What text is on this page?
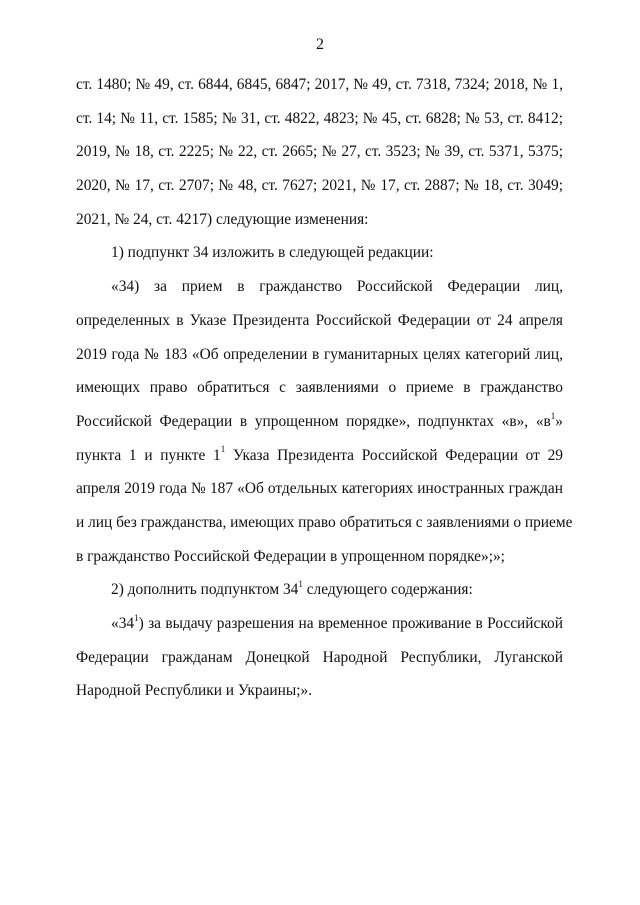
2
ст. 1480; № 49, ст. 6844, 6845, 6847; 2017, № 49, ст. 7318, 7324; 2018, № 1,
ст. 14; № 11, ст. 1585; № 31, ст. 4822, 4823; № 45, ст. 6828; № 53, ст. 8412;
2019, № 18, ст. 2225; № 22, ст. 2665; № 27, ст. 3523; № 39, ст. 5371, 5375;
2020, № 17, ст. 2707; № 48, ст. 7627; 2021, № 17, ст. 2887; № 18, ст. 3049;
2021, № 24, ст. 4217) следующие изменения:
1) подпункт 34 изложить в следующей редакции:
«34) за прием в гражданство Российской Федерации лиц,
определенных в Указе Президента Российской Федерации от 24 апреля
2019 года № 183 «Об определении в гуманитарных целях категорий лиц,
имеющих право обратиться с заявлениями о приеме в гражданство
Российской Федерации в упрощенном порядке», подпунктах «в», «$в^1$»
пункта 1 и пункте $1^1$ Указа Президента Российской Федерации от 29
апреля 2019 года № 187 «Об отдельных категориях иностранных граждан
и лиц без гражданства, имеющих право обратиться с заявлениями о приеме
в гражданство Российской Федерации в упрощенном порядке»;»;
2) дополнить подпунктом $34^1$ следующего содержания:
«$34^1$) за выдачу разрешения на временное проживание в Российской
Федерации гражданам Донецкой Народной Республики, Луганской
Народной Республики и Украины;».
